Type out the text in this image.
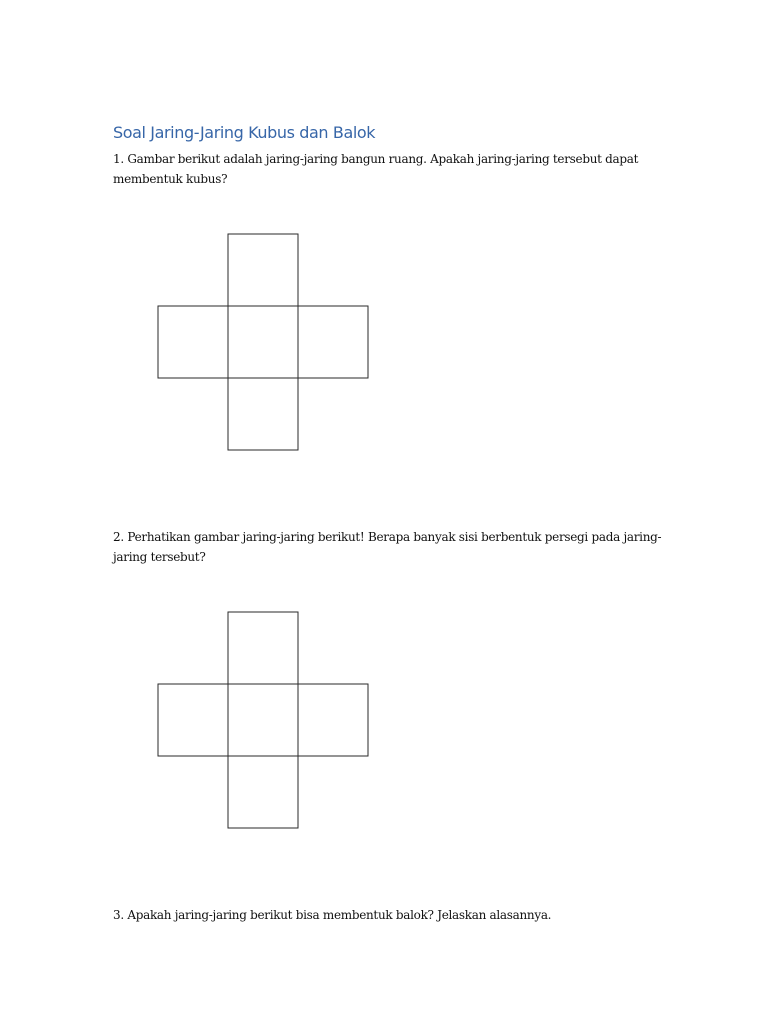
Soal Jaring-Jaring Kubus dan Balok

1. Gambar berikut adalah jaring-jaring bangun ruang. Apakah jaring-jaring tersebut dapat membentuk kubus?

2. Perhatikan gambar jaring-jaring berikut! Berapa banyak sisi berbentuk persegi pada jaring-jaring tersebut?

3. Apakah jaring-jaring berikut bisa membentuk balok? Jelaskan alasannya.
